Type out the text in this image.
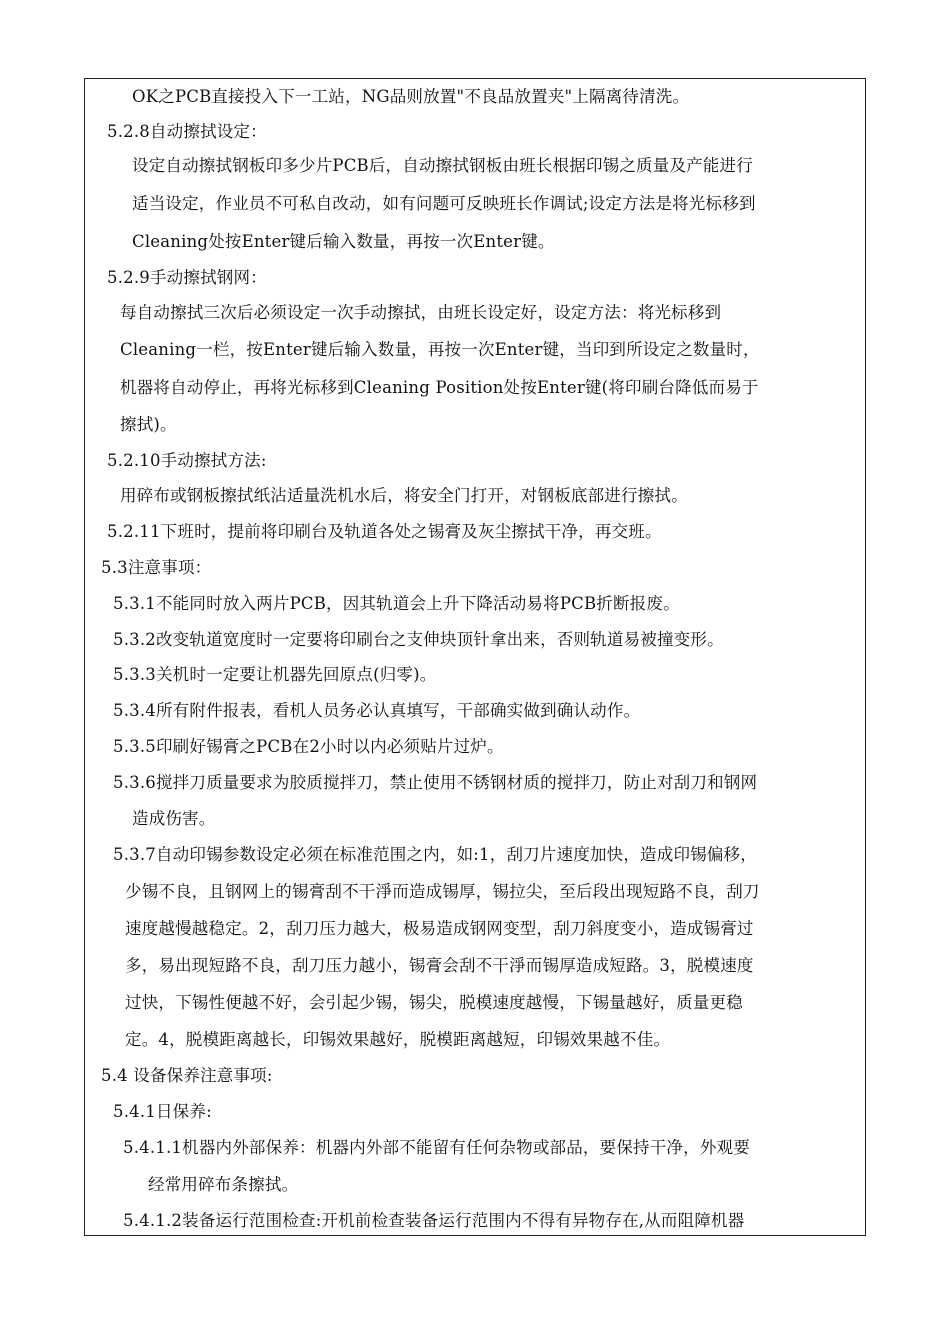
OK之PCB直接投入下一工站，NG品则放置"不良品放置夹"上隔离待清洗。
5.2.8自动擦拭设定：
设定自动擦拭钢板印多少片PCB后，自动擦拭钢板由班长根据印锡之质量及产能进行
适当设定，作业员不可私自改动，如有问题可反映班长作调试;设定方法是将光标移到
Cleaning处按Enter键后输入数量，再按一次Enter键。
5.2.9手动擦拭钢网：
每自动擦拭三次后必须设定一次手动擦拭，由班长设定好，设定方法：将光标移到
Cleaning一栏，按Enter键后输入数量，再按一次Enter键，当印到所设定之数量时，
机器将自动停止，再将光标移到Cleaning Position处按Enter键(将印刷台降低而易于
擦拭)。
5.2.10手动擦拭方法:
用碎布或钢板擦拭纸沾适量洗机水后，将安全门打开，对钢板底部进行擦拭。
5.2.11下班时，提前将印刷台及轨道各处之锡膏及灰尘擦拭干净，再交班。
5.3注意事项：
5.3.1不能同时放入两片PCB，因其轨道会上升下降活动易将PCB折断报废。
5.3.2改变轨道宽度时一定要将印刷台之支伸块顶针拿出来，否则轨道易被撞变形。
5.3.3关机时一定要让机器先回原点(归零)。
5.3.4所有附件报表，看机人员务必认真填写，干部确实做到确认动作。
5.3.5印刷好锡膏之PCB在2小时以内必须贴片过炉。
5.3.6搅拌刀质量要求为胶质搅拌刀，禁止使用不锈钢材质的搅拌刀，防止对刮刀和钢网
造成伤害。
5.3.7自动印锡参数设定必须在标准范围之内，如:1，刮刀片速度加快，造成印锡偏移，
少锡不良，且钢网上的锡膏刮不干淨而造成锡厚，锡拉尖，至后段出现短路不良，刮刀
速度越慢越稳定。2，刮刀压力越大，极易造成钢网变型，刮刀斜度变小，造成锡膏过
多，易出现短路不良，刮刀压力越小，锡膏会刮不干淨而锡厚造成短路。3，脱模速度
过快，下锡性便越不好，会引起少锡，锡尖，脱模速度越慢，下锡量越好，质量更稳
定。4，脱模距离越长，印锡效果越好，脱模距离越短，印锡效果越不佳。
5.4 设备保养注意事项:
5.4.1日保养:
5.4.1.1机器内外部保养：机器内外部不能留有任何杂物或部品，要保持干净，外观要
经常用碎布条擦拭。
5.4.1.2装备运行范围检查:开机前检查装备运行范围内不得有异物存在,从而阻障机器
